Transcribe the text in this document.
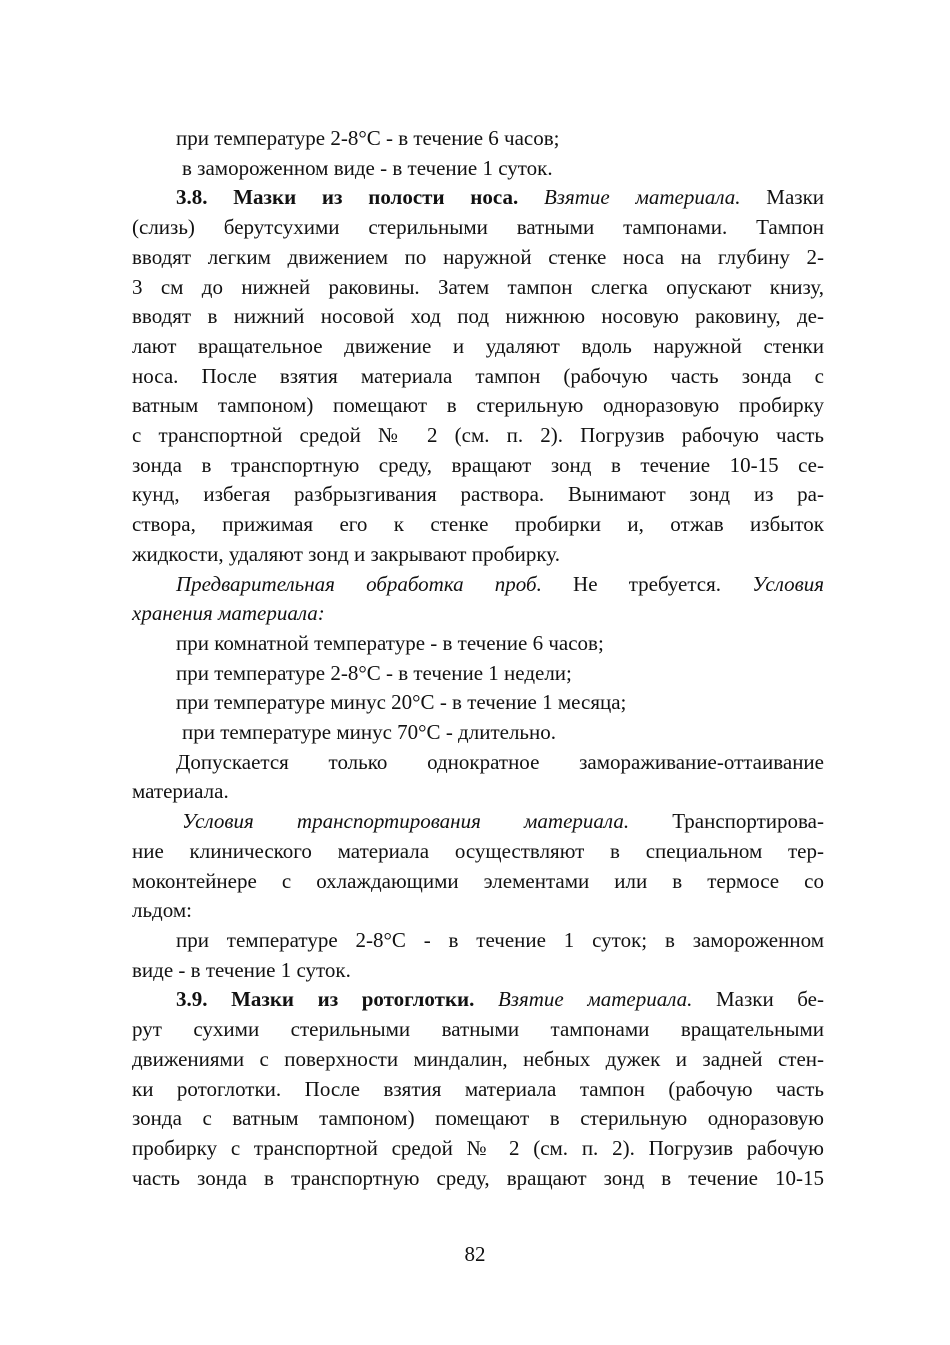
при температуре 2-8°С - в течение 6 часов;
в замороженном виде - в течение 1 суток.
3.8. Мазки из полости носа. Взятие материала. Мазки
(слизь) берутсухими стерильными ватными тампонами. Тампон
вводят легким движением по наружной стенке носа на глубину 2-
3 см до нижней раковины. Затем тампон слегка опускают книзу,
вводят в нижний носовой ход под нижнюю носовую раковину, де-
лают вращательное движение и удаляют вдоль наружной стенки
носа. После взятия материала тампон (рабочую часть зонда с
ватным тампоном) помещают в стерильную одноразовую пробирку
с транспортной средой № 2 (см. п. 2). Погрузив рабочую часть
зонда в транспортную среду, вращают зонд в течение 10-15 се-
кунд, избегая разбрызгивания раствора. Вынимают зонд из ра-
створа, прижимая его к стенке пробирки и, отжав избыток
жидкости, удаляют зонд и закрывают пробирку.
Предварительная обработка проб. Не требуется. Условия
хранения материала:
при комнатной температуре - в течение 6 часов;
при температуре 2-8°С - в течение 1 недели;
при температуре минус 20°С - в течение 1 месяца;
при температуре минус 70°С - длительно.
Допускается только однократное замораживание-оттаивание
материала.
Условия транспортирования материала. Транспортирова-
ние клинического материала осуществляют в специальном тер-
моконтейнере с охлаждающими элементами или в термосе со
льдом:
при температуре 2-8°С - в течение 1 суток; в замороженном
виде - в течение 1 суток.
3.9. Мазки из ротоглотки. Взятие материала. Мазки бе-
рут сухими стерильными ватными тампонами вращательными
движениями с поверхности миндалин, небных дужек и задней стен-
ки ротоглотки. После взятия материала тампон (рабочую часть
зонда с ватным тампоном) помещают в стерильную одноразовую
пробирку с транспортной средой № 2 (см. п. 2). Погрузив рабочую
часть зонда в транспортную среду, вращают зонд в течение 10-15
82
